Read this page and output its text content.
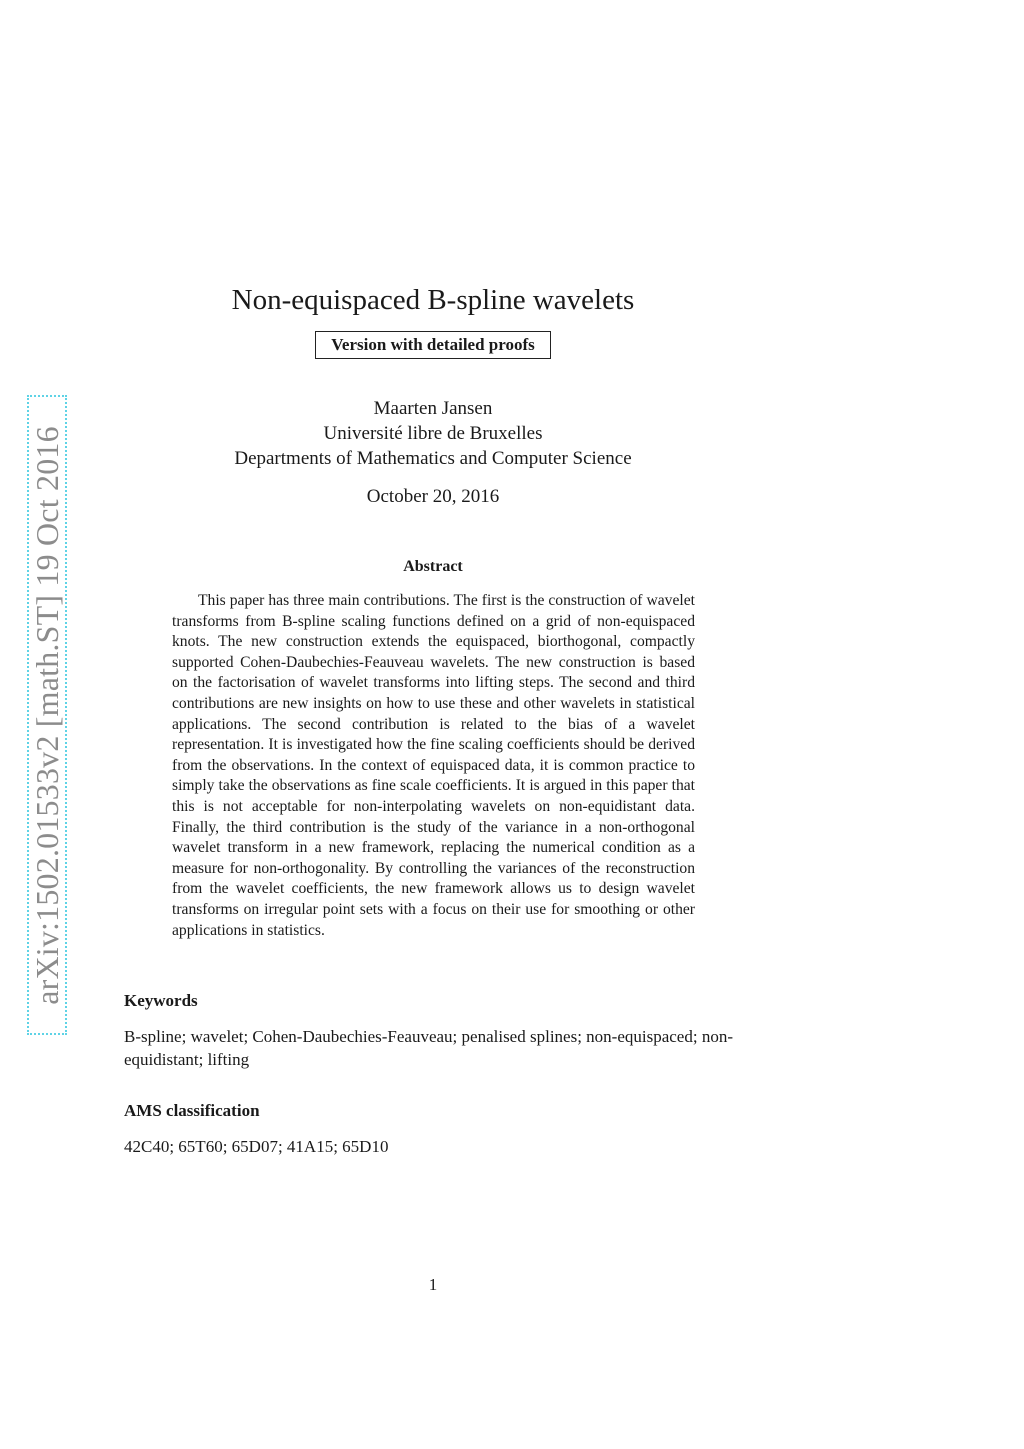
arXiv:1502.01533v2 [math.ST] 19 Oct 2016
Non-equispaced B-spline wavelets
Version with detailed proofs
Maarten Jansen
Université libre de Bruxelles
Departments of Mathematics and Computer Science
October 20, 2016
Abstract
This paper has three main contributions. The first is the construction of wavelet transforms from B-spline scaling functions defined on a grid of non-equispaced knots. The new construction extends the equispaced, biorthogonal, compactly supported Cohen-Daubechies-Feauveau wavelets. The new construction is based on the factorisation of wavelet transforms into lifting steps. The second and third contributions are new insights on how to use these and other wavelets in statistical applications. The second contribution is related to the bias of a wavelet representation. It is investigated how the fine scaling coefficients should be derived from the observations. In the context of equispaced data, it is common practice to simply take the observations as fine scale coefficients. It is argued in this paper that this is not acceptable for non-interpolating wavelets on non-equidistant data. Finally, the third contribution is the study of the variance in a non-orthogonal wavelet transform in a new framework, replacing the numerical condition as a measure for non-orthogonality. By controlling the variances of the reconstruction from the wavelet coefficients, the new framework allows us to design wavelet transforms on irregular point sets with a focus on their use for smoothing or other applications in statistics.
Keywords
B-spline; wavelet; Cohen-Daubechies-Feauveau; penalised splines; non-equispaced; non-equidistant; lifting
AMS classification
42C40; 65T60; 65D07; 41A15; 65D10
1
